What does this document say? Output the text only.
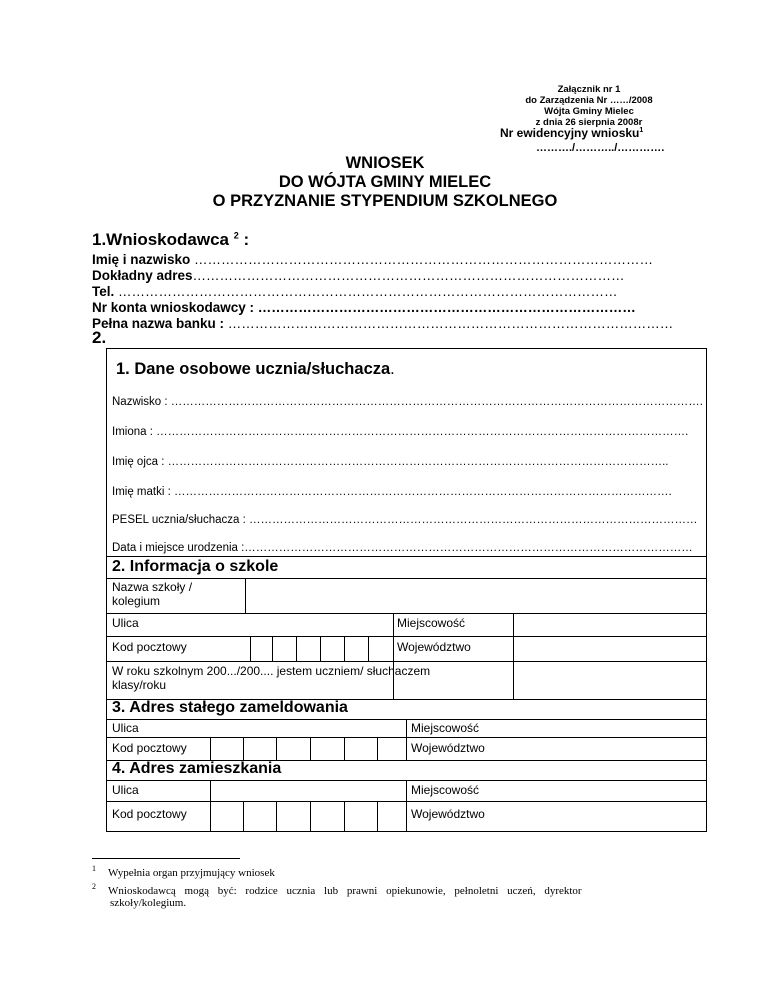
Załącznik nr 1
do Zarządzenia Nr ……/2008
Wójta Gminy Mielec
z dnia 26 sierpnia 2008r
Nr ewidencyjny wniosku$^1$
………./………../………….
WNIOSEK
DO WÓJTA GMINY MIELEC
O PRZYZNANIE STYPENDIUM SZKOLNEGO
1.Wnioskodawca $^2$ :
Imię i nazwisko …………………………………………………………………………………………
Dokładny adres……………………………………………………………………………………
Tel. …………………………………………………………………………………………………
Nr konta wnioskodawcy : …………………………………………………………………………
Pełna nazwa banku : ………………………………………………………………………………………
2.
1. Dane osobowe ucznia/słuchacza.
Nazwisko : ………………………………………………………………………………………………………………………….
Imiona : ………………………………………………………………………………………………………………………….
Imię ojca : …………………………………………………………………………………………………………………..
Imię matki : ………………………………………………………………………………………………………………….
PESEL ucznia/słuchacza : ………………………………………………………………………………………………………
Data i miejsce urodzenia :………………………………………………………………………………………………………
2. Informacja o szkole
Nazwa szkoły /
kolegium
Ulica	Miejscowość
Kod pocztowy	Województwo
W roku szkolnym 200.../200.... jestem uczniem/ słuchaczem
klasy/roku
3. Adres stałego zameldowania
Ulica	Miejscowość
Kod pocztowy	Województwo
4. Adres zamieszkania
Ulica	Miejscowość
Kod pocztowy	Województwo
$^1$ Wypełnia organ przyjmujący wniosek
$^2$ Wnioskodawcą mogą być: rodzice ucznia lub prawni opiekunowie, pełnoletni uczeń, dyrektor
szkoły/kolegium.
